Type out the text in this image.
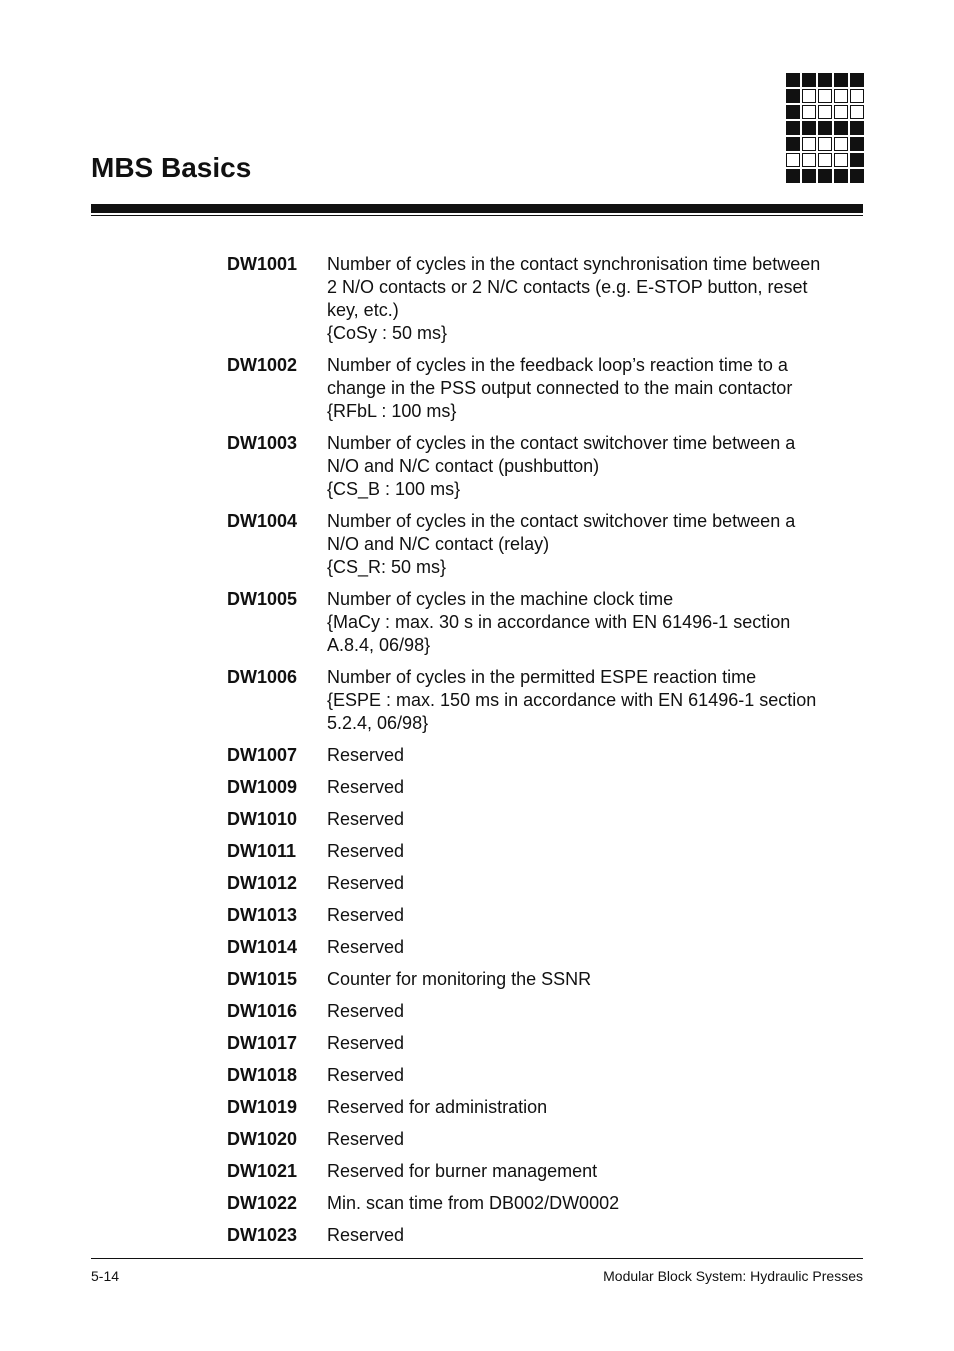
MBS Basics
DW1001	Number of cycles in the contact synchronisation time between
2 N/O contacts or 2 N/C contacts (e.g. E-STOP button, reset
key, etc.)
{CoSy : 50 ms}
DW1002	Number of cycles in the feedback loop’s reaction time to a
change in the PSS output connected to the main contactor
{RFbL : 100 ms}
DW1003	Number of cycles in the contact switchover time between a
N/O and N/C contact (pushbutton)
{CS_B : 100 ms}
DW1004	Number of cycles in the contact switchover time between a
N/O and N/C contact (relay)
{CS_R: 50 ms}
DW1005	Number of cycles in the machine clock time
{MaCy : max. 30 s in accordance with EN 61496-1 section
A.8.4, 06/98}
DW1006	Number of cycles in the permitted ESPE reaction time
{ESPE : max. 150 ms in accordance with EN 61496-1 section
5.2.4, 06/98}
DW1007	Reserved
DW1009	Reserved
DW1010	Reserved
DW1011	Reserved
DW1012	Reserved
DW1013	Reserved
DW1014	Reserved
DW1015	Counter for monitoring the SSNR
DW1016	Reserved
DW1017	Reserved
DW1018	Reserved
DW1019	Reserved for administration
DW1020	Reserved
DW1021	Reserved for burner management
DW1022	Min. scan time from DB002/DW0002
DW1023	Reserved
5-14	Modular Block System: Hydraulic Presses
